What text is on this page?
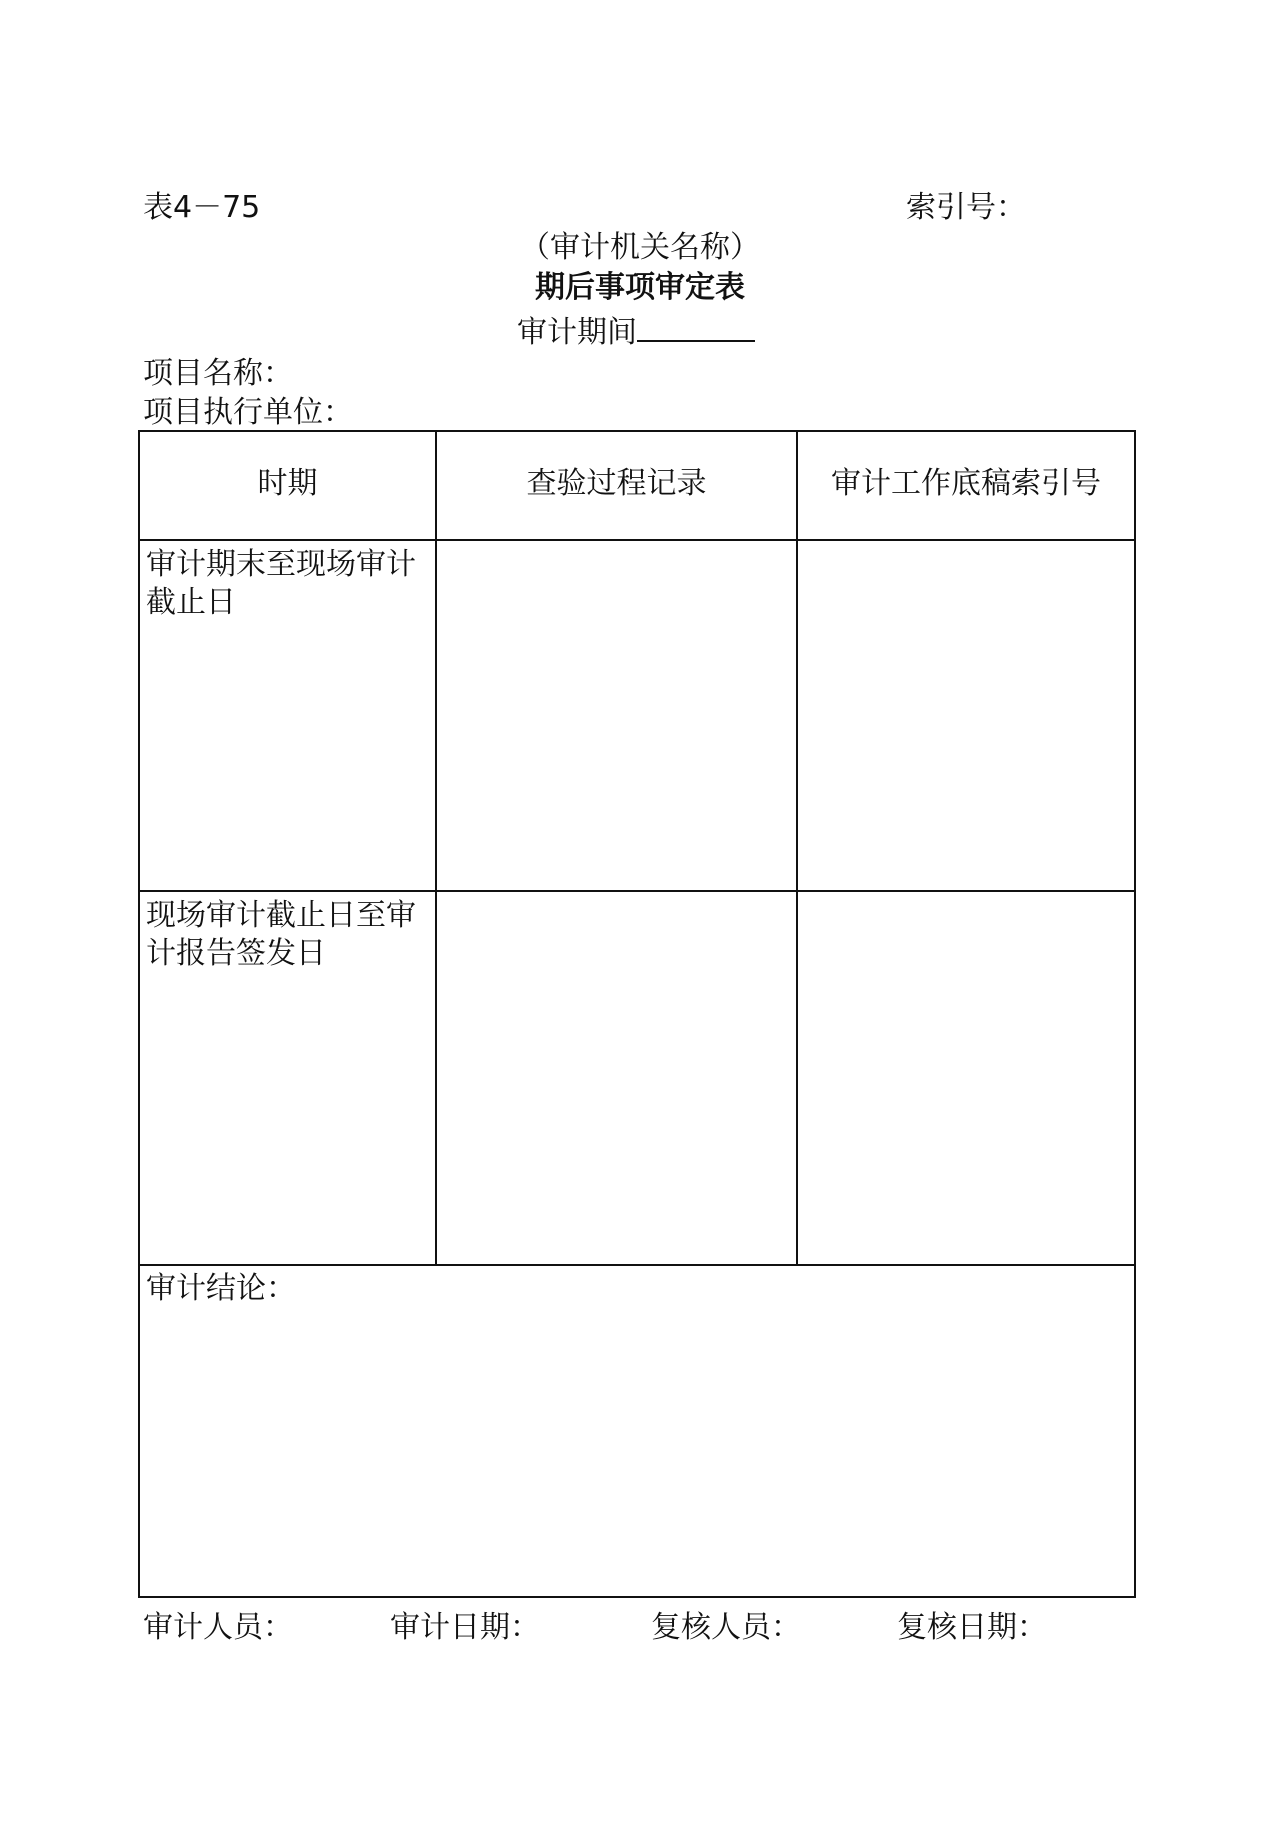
表4－75	索引号：
（审计机关名称）
期后事项审定表
审计期间
项目名称：
项目执行单位：
时期	查验过程记录	审计工作底稿索引号
审计期末至现场审计
截止日
现场审计截止日至审
计报告签发日
审计结论：
审计人员：	审计日期：	复核人员：	复核日期：
